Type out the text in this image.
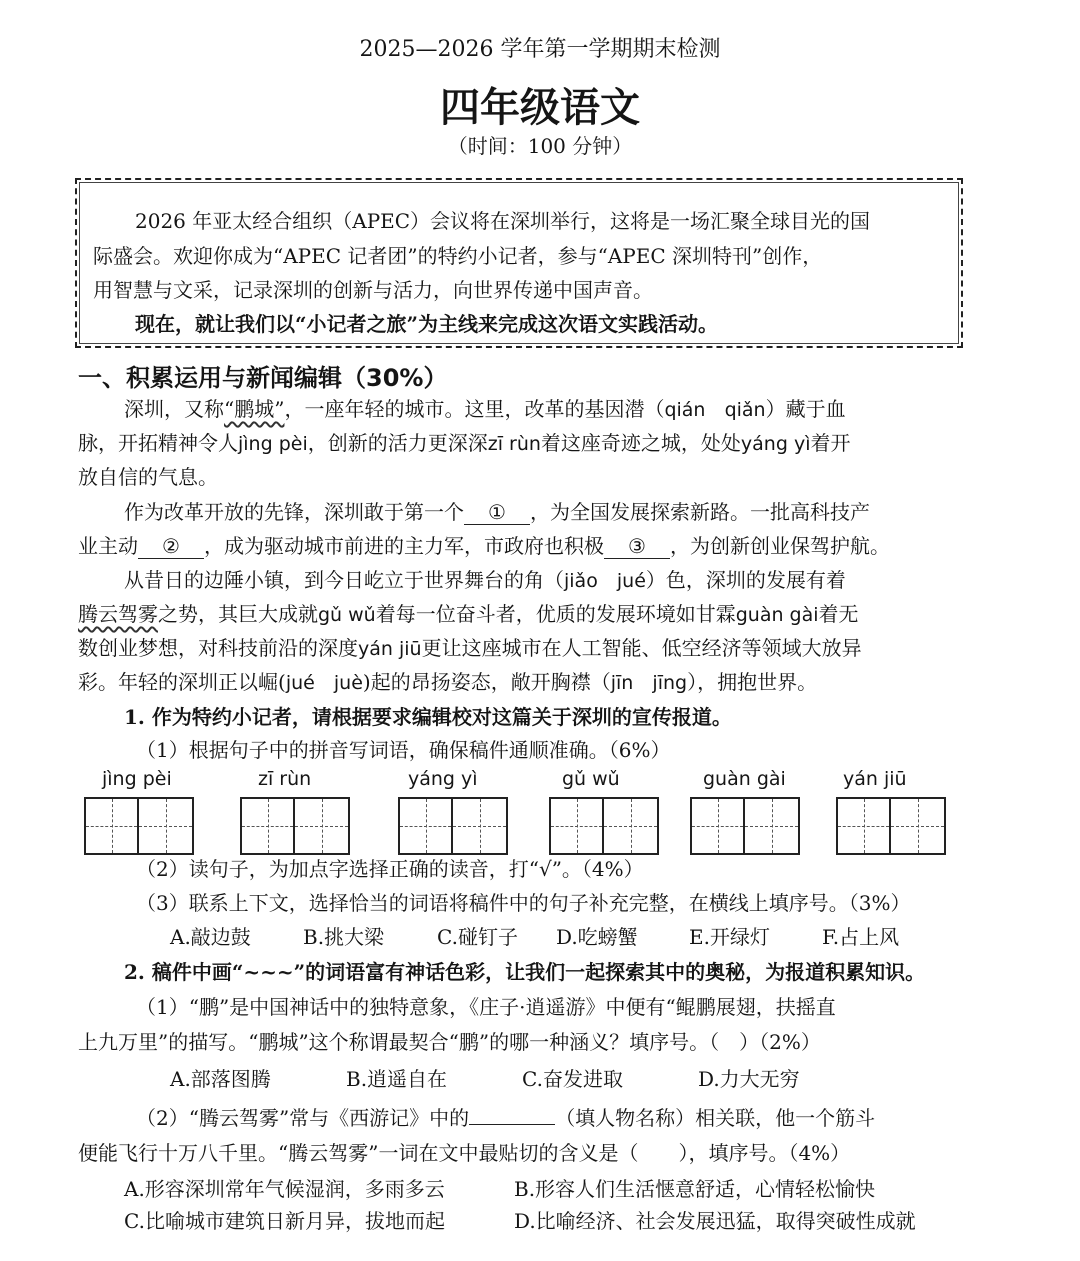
2025—2026 学年第一学期期末检测
四年级语文
（时间：100 分钟）
2026 年亚太经合组织（APEC）会议将在深圳举行，这将是一场汇聚全球目光的国
际盛会。欢迎你成为“APEC 记者团”的特约小记者，参与“APEC 深圳特刊”创作，
用智慧与文采，记录深圳的创新与活力，向世界传递中国声音。
现在，就让我们以“小记者之旅”为主线来完成这次语文实践活动。
一、积累运用与新闻编辑（30%）
深圳，又称“鹏城”，一座年轻的城市。这里，改革的基因潜（qián qiǎn）藏于血
脉，开拓精神令人jìng pèi，创新的活力更深深zī rùn着这座奇迹之城，处处yáng yì着开
放自信的气息。
作为改革开放的先锋，深圳敢于第一个 ① ，为全国发展探索新路。一批高科技产
业主动 ② ，成为驱动城市前进的主力军，市政府也积极 ③ ，为创新创业保驾护航。
从昔日的边陲小镇，到今日屹立于世界舞台的角（jiǎo jué）色，深圳的发展有着
腾云驾雾之势，其巨大成就gǔ wǔ着每一位奋斗者，优质的发展环境如甘霖guàn gài着无
数创业梦想，对科技前沿的深度yán jiū更让这座城市在人工智能、低空经济等领域大放异
彩。年轻的深圳正以崛(jué juè)起的昂扬姿态，敞开胸襟（jīn jīng），拥抱世界。
1. 作为特约小记者，请根据要求编辑校对这篇关于深圳的宣传报道。
（1）根据句子中的拼音写词语，确保稿件通顺准确。（6%）
jìng pèi	zī rùn	yáng yì	gǔ wǔ	guàn gài	yán jiū
（2）读句子，为加点字选择正确的读音，打“√”。（4%）
（3）联系上下文，选择恰当的词语将稿件中的句子补充完整，在横线上填序号。（3%）
A.敲边鼓	B.挑大梁	C.碰钉子 D.吃螃蟹	E.开绿灯	F.占上风
2. 稿件中画“~~~”的词语富有神话色彩，让我们一起探索其中的奥秘，为报道积累知识。
（1）“鹏”是中国神话中的独特意象，《庄子·逍遥游》中便有“鲲鹏展翅，扶摇直
上九万里”的描写。“鹏城”这个称谓最契合“鹏”的哪一种涵义？填序号。（　）（2%）
A.部落图腾	B.逍遥自在	C.奋发进取	D.力大无穷
（2）“腾云驾雾”常与《西游记》中的	（填人物名称）相关联，他一个筋斗
便能飞行十万八千里。“腾云驾雾”一词在文中最贴切的含义是（　　），填序号。（4%）
A.形容深圳常年气候湿润，多雨多云	B.形容人们生活惬意舒适，心情轻松愉快
C.比喻城市建筑日新月异，拔地而起	D.比喻经济、社会发展迅猛，取得突破性成就
